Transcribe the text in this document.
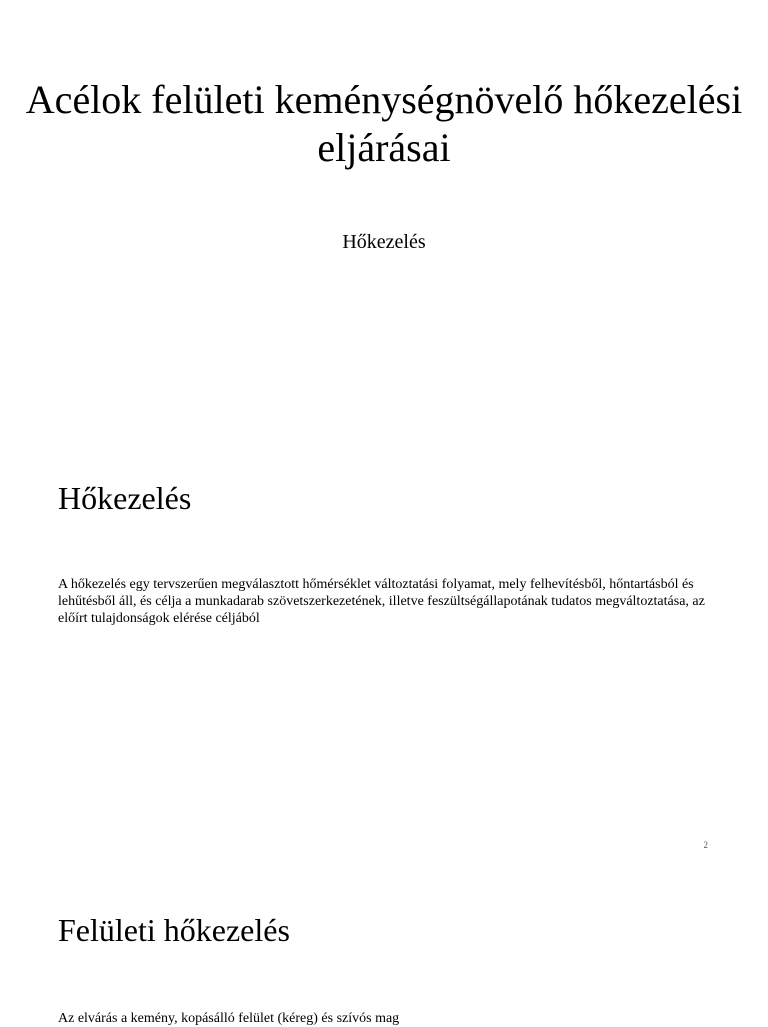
Acélok felületi keménységnövelő hőkezelési eljárásai

Hőkezelés

Hőkezelés

A hőkezelés egy tervszerűen megválasztott hőmérséklet változtatási folyamat, mely felhevítésből, hőntartásból és lehűtésből áll, és célja a munkadarab szövetszerkezetének, illetve feszültségállapotának tudatos megváltoztatása, az előírt tulajdonságok elérése céljából

2
Felületi hőkezelés

Az elvárás a kemény, kopásálló felület (kéreg) és szívós mag
